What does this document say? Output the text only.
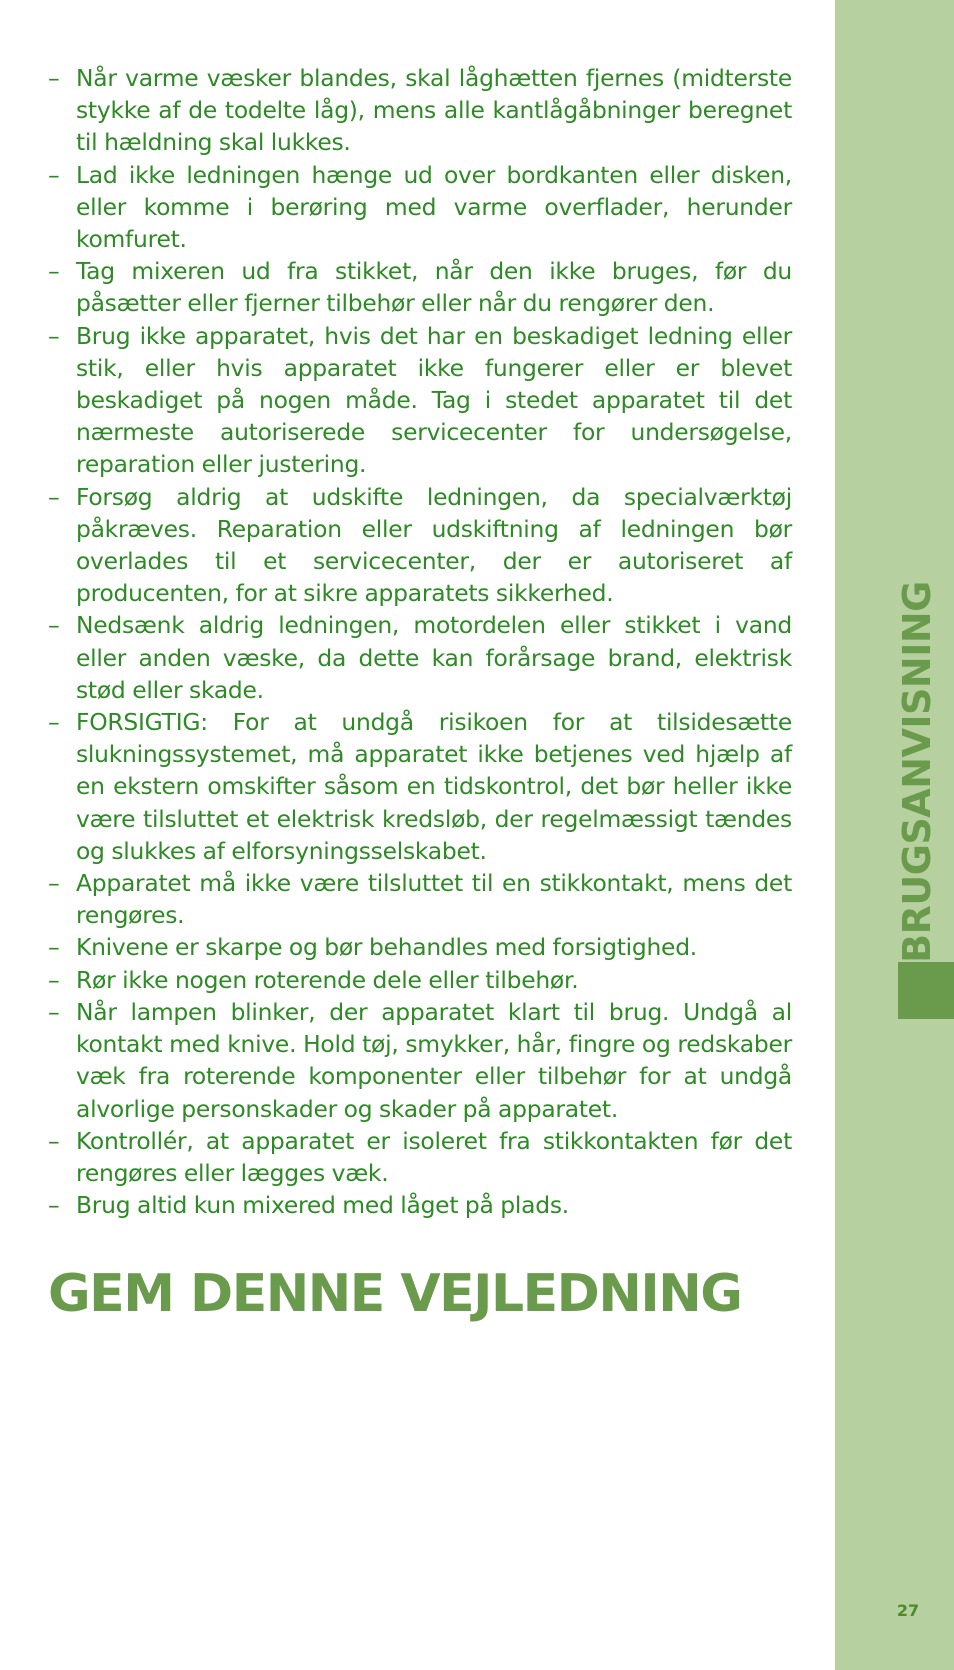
– Når varme væsker blandes, skal låghætten fjernes (midterste stykke af de todelte låg), mens alle kantlågåbninger beregnet til hældning skal lukkes.
– Lad ikke ledningen hænge ud over bordkanten eller disken, eller komme i berøring med varme overflader, herunder komfuret.
– Tag mixeren ud fra stikket, når den ikke bruges, før du påsætter eller fjerner tilbehør eller når du rengører den.
– Brug ikke apparatet, hvis det har en beskadiget ledning eller stik, eller hvis apparatet ikke fungerer eller er blevet beskadiget på nogen måde. Tag i stedet apparatet til det nærmeste autoriserede servicecenter for undersøgelse, reparation eller justering.
– Forsøg aldrig at udskifte ledningen, da specialværktøj påkræves. Reparation eller udskiftning af ledningen bør overlades til et servicecenter, der er autoriseret af producenten, for at sikre apparatets sikkerhed.
– Nedsænk aldrig ledningen, motordelen eller stikket i vand eller anden væske, da dette kan forårsage brand, elektrisk stød eller skade.
– FORSIGTIG: For at undgå risikoen for at tilsidesætte slukningssystemet, må apparatet ikke betjenes ved hjælp af en ekstern omskifter såsom en tidskontrol, det bør heller ikke være tilsluttet et elektrisk kredsløb, der regelmæssigt tændes og slukkes af elforsyningsselskabet.
– Apparatet må ikke være tilsluttet til en stikkontakt, mens det rengøres.
– Knivene er skarpe og bør behandles med forsigtighed.
– Rør ikke nogen roterende dele eller tilbehør.
– Når lampen blinker, der apparatet klart til brug. Undgå al kontakt med knive. Hold tøj, smykker, hår, fingre og redskaber væk fra roterende komponenter eller tilbehør for at undgå alvorlige personskader og skader på apparatet.
– Kontrollér, at apparatet er isoleret fra stikkontakten før det rengøres eller lægges væk.
– Brug altid kun mixered med låget på plads.
GEM DENNE VEJLEDNING
BRUGSANVISNING
27
